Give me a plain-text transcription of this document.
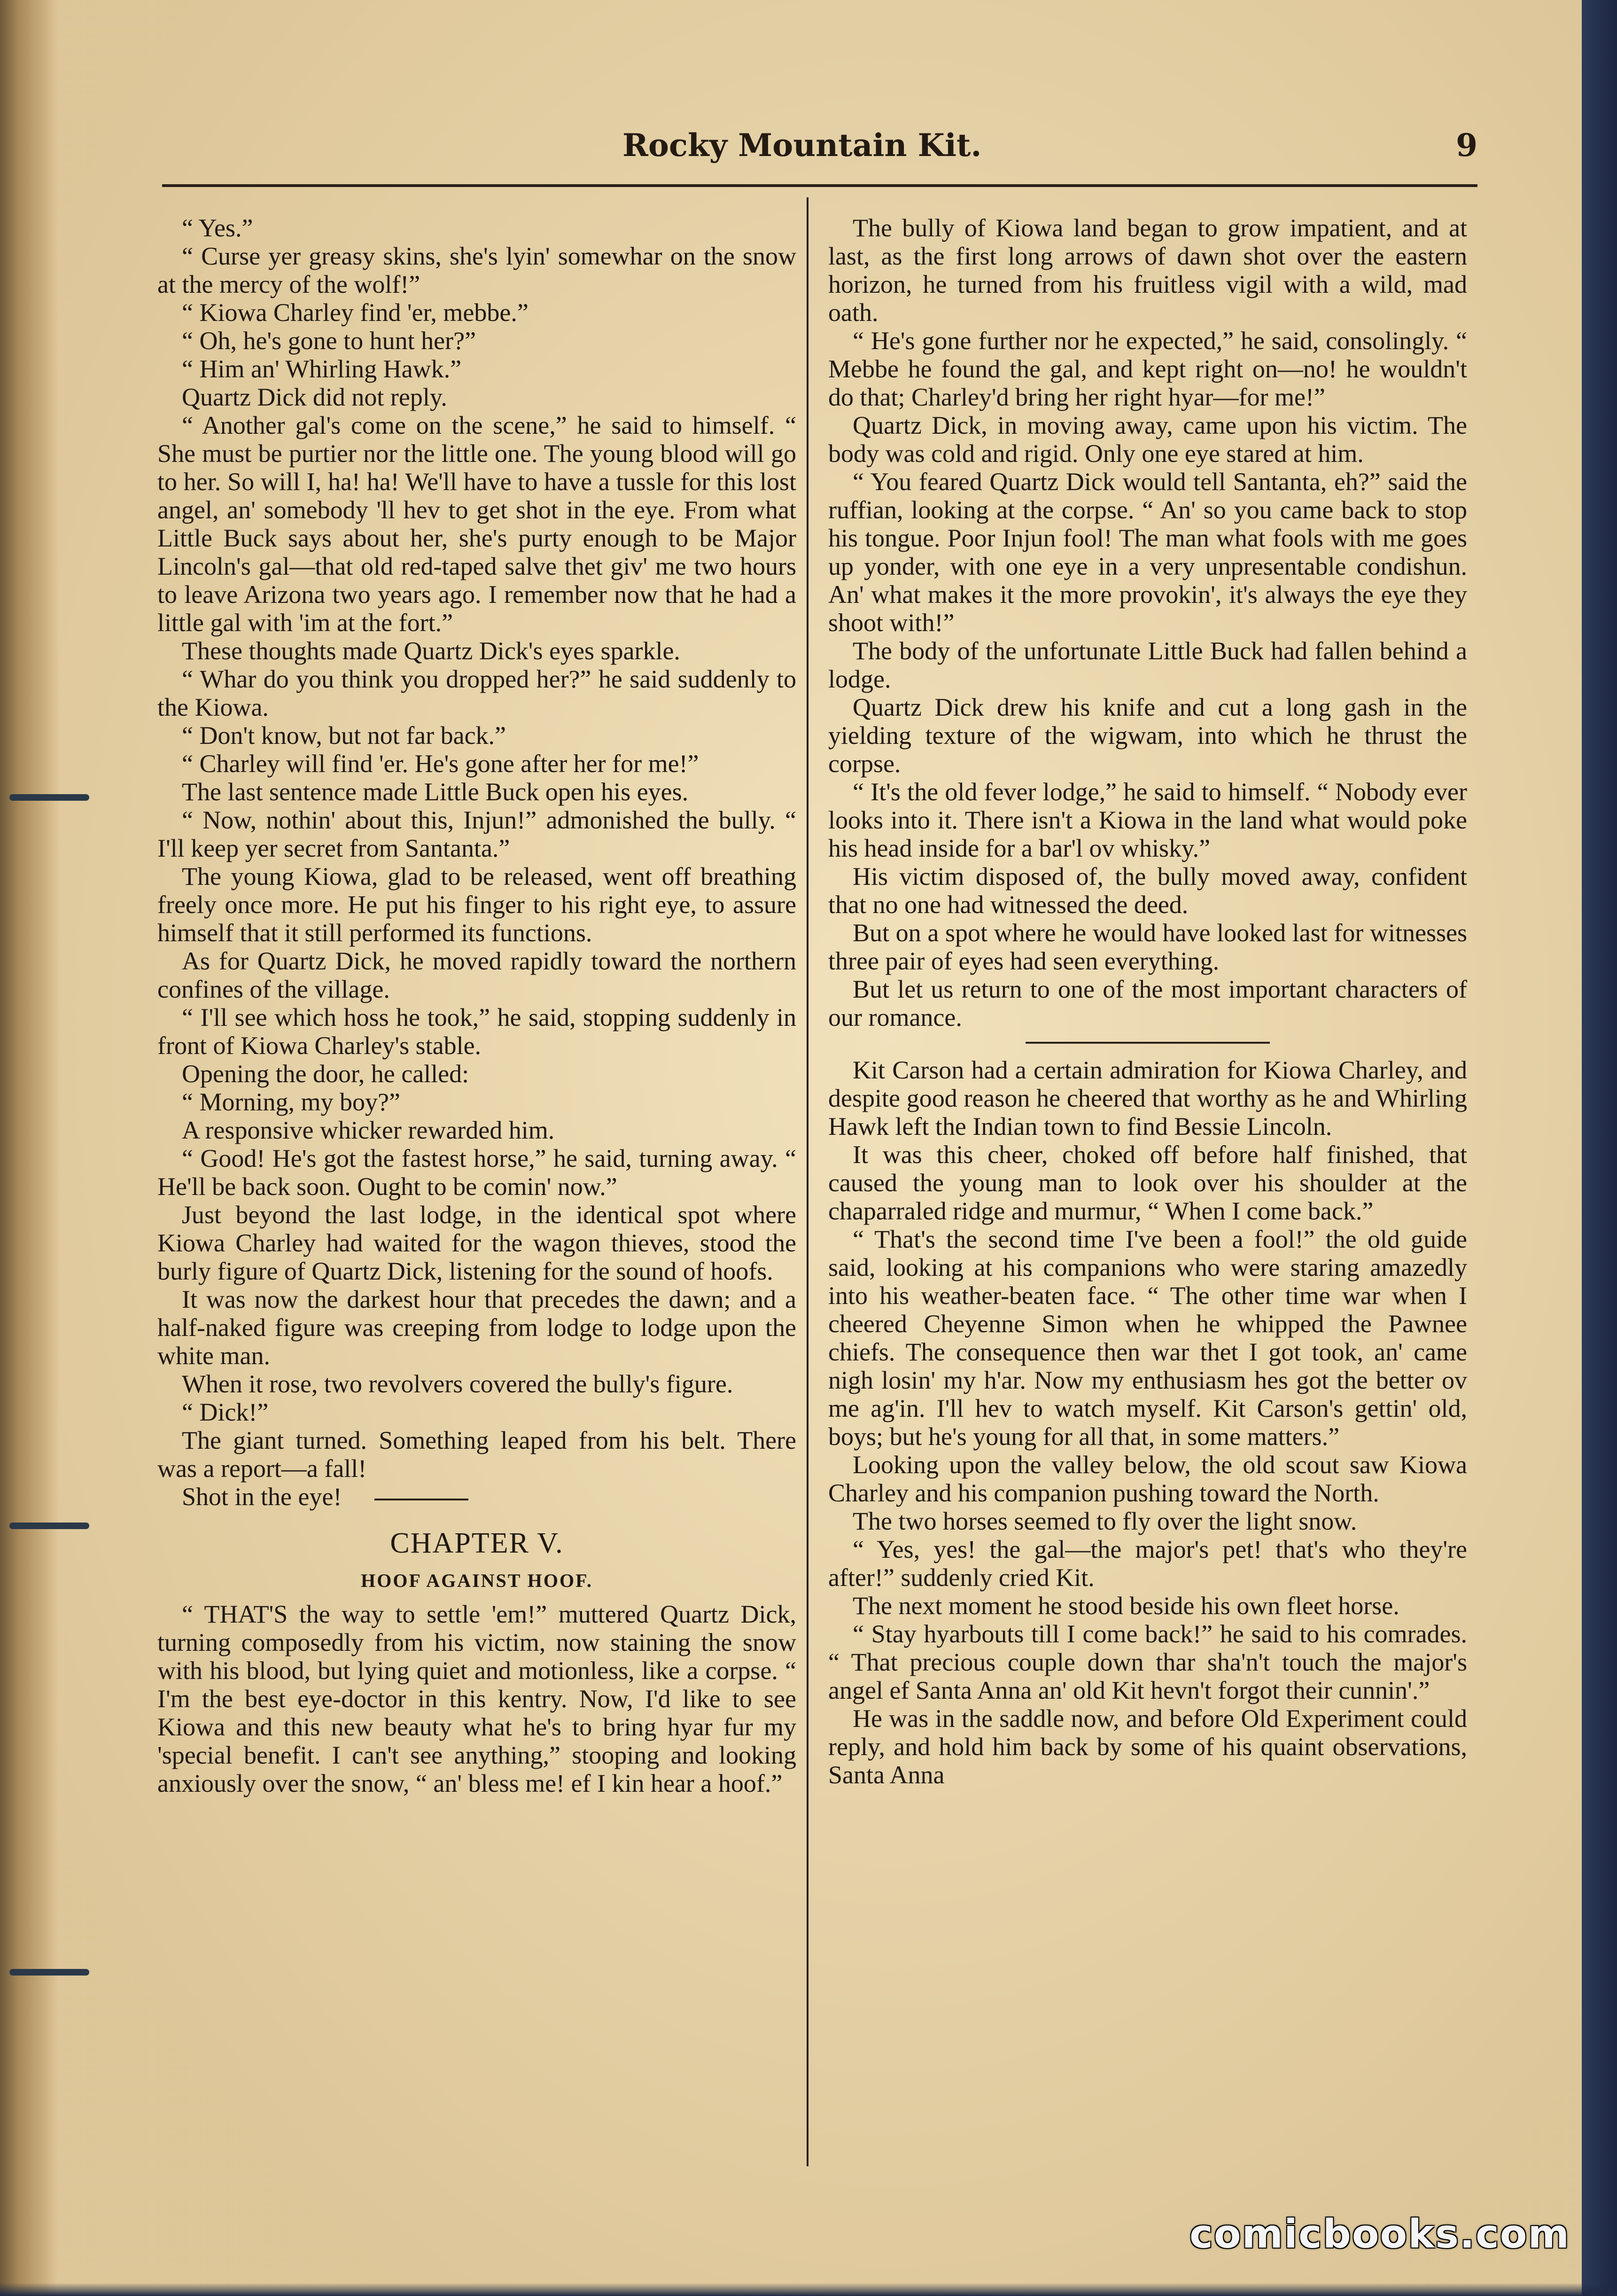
Rocky Mountain Kit.	9

“ Yes.”

“ Curse yer greasy skins, she's lyin' somewhar on the snow at the mercy of the wolf!”

“ Kiowa Charley find 'er, mebbe.”

“ Oh, he's gone to hunt her?”

“ Him an' Whirling Hawk.”

Quartz Dick did not reply.

“ Another gal's come on the scene,” he said to himself. “ She must be purtier nor the little one. The young blood will go to her. So will I, ha! ha! We'll have to have a tussle for this lost angel, an' somebody 'll hev to get shot in the eye. From what Little Buck says about her, she's purty enough to be Major Lincoln's gal—that old red-taped salve thet giv' me two hours to leave Arizona two years ago. I remember now that he had a little gal with 'im at the fort.”

These thoughts made Quartz Dick's eyes sparkle.

“ Whar do you think you dropped her?” he said suddenly to the Kiowa.

“ Don't know, but not far back.”

“ Charley will find 'er. He's gone after her for me!”

The last sentence made Little Buck open his eyes.

“ Now, nothin' about this, Injun!” admonished the bully. “ I'll keep yer secret from Santanta.”

The young Kiowa, glad to be released, went off breathing freely once more. He put his finger to his right eye, to assure himself that it still performed its functions.

As for Quartz Dick, he moved rapidly toward the northern confines of the village.

“ I'll see which hoss he took,” he said, stopping suddenly in front of Kiowa Charley's stable.

Opening the door, he called:

“ Morning, my boy?”

A responsive whicker rewarded him.

“ Good! He's got the fastest horse,” he said, turning away. “ He'll be back soon. Ought to be comin' now.”

Just beyond the last lodge, in the identical spot where Kiowa Charley had waited for the wagon thieves, stood the burly figure of Quartz Dick, listening for the sound of hoofs.

It was now the darkest hour that precedes the dawn; and a half-naked figure was creeping from lodge to lodge upon the white man.

When it rose, two revolvers covered the bully's figure.

“ Dick!”

The giant turned. Something leaped from his belt. There was a report—a fall!

Shot in the eye!

CHAPTER V.
HOOF AGAINST HOOF.

“ THAT'S the way to settle 'em!” muttered Quartz Dick, turning composedly from his victim, now staining the snow with his blood, but lying quiet and motionless, like a corpse. “ I'm the best eye-doctor in this kentry. Now, I'd like to see Kiowa and this new beauty what he's to bring hyar fur my 'special benefit. I can't see anything,” stooping and looking anxiously over the snow, “ an' bless me! ef I kin hear a hoof.”

The bully of Kiowa land began to grow impatient, and at last, as the first long arrows of dawn shot over the eastern horizon, he turned from his fruitless vigil with a wild, mad oath.

“ He's gone further nor he expected,” he said, consolingly. “ Mebbe he found the gal, and kept right on—no! he wouldn't do that; Charley'd bring her right hyar—for me!”

Quartz Dick, in moving away, came upon his victim. The body was cold and rigid. Only one eye stared at him.

“ You feared Quartz Dick would tell Santanta, eh?” said the ruffian, looking at the corpse. “ An' so you came back to stop his tongue. Poor Injun fool! The man what fools with me goes up yonder, with one eye in a very unpresentable condishun. An' what makes it the more provokin', it's always the eye they shoot with!”

The body of the unfortunate Little Buck had fallen behind a lodge.

Quartz Dick drew his knife and cut a long gash in the yielding texture of the wigwam, into which he thrust the corpse.

“ It's the old fever lodge,” he said to himself. “ Nobody ever looks into it. There isn't a Kiowa in the land what would poke his head inside for a bar'l ov whisky.”

His victim disposed of, the bully moved away, confident that no one had witnessed the deed.

But on a spot where he would have looked last for witnesses three pair of eyes had seen everything.

But let us return to one of the most important characters of our romance.

Kit Carson had a certain admiration for Kiowa Charley, and despite good reason he cheered that worthy as he and Whirling Hawk left the Indian town to find Bessie Lincoln.

It was this cheer, choked off before half finished, that caused the young man to look over his shoulder at the chaparraled ridge and murmur, “ When I come back.”

“ That's the second time I've been a fool!” the old guide said, looking at his companions who were staring amazedly into his weather-beaten face. “ The other time war when I cheered Cheyenne Simon when he whipped the Pawnee chiefs. The consequence then war thet I got took, an' came nigh losin' my h'ar. Now my enthusiasm hes got the better ov me ag'in. I'll hev to watch myself. Kit Carson's gettin' old, boys; but he's young for all that, in some matters.”

Looking upon the valley below, the old scout saw Kiowa Charley and his companion pushing toward the North.

The two horses seemed to fly over the light snow.

“ Yes, yes! the gal—the major's pet! that's who they're after!” suddenly cried Kit.

The next moment he stood beside his own fleet horse.

“ Stay hyarbouts till I come back!” he said to his comrades. “ That precious couple down thar sha'n't touch the major's angel ef Santa Anna an' old Kit hevn't forgot their cunnin'.”

He was in the saddle now, and before Old Experiment could reply, and hold him back by some of his quaint observations, Santa Anna

comicbooks.com
